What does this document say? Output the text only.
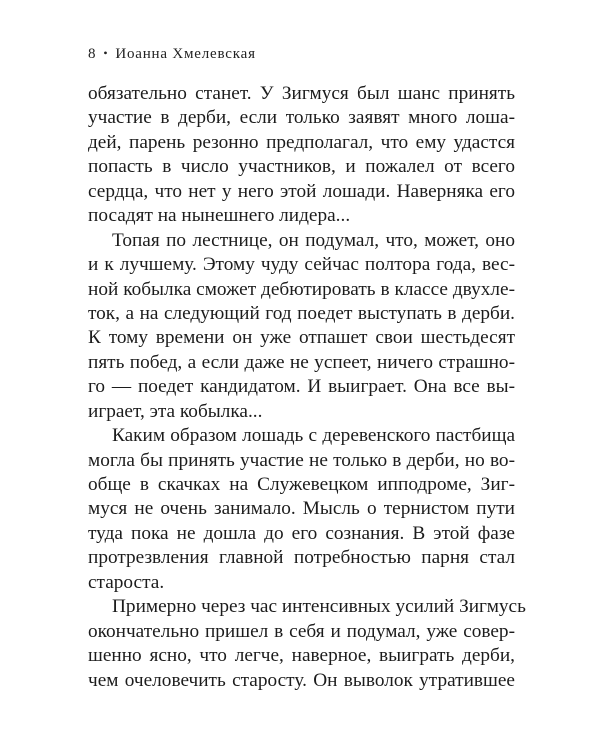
8 • Иоанна Хмелевская
обязательно станет. У Зигмуся был шанс принять
участие в дерби, если только заявят много лоша-
дей, парень резонно предполагал, что ему удастся
попасть в число участников, и пожалел от всего
сердца, что нет у него этой лошади. Наверняка его
посадят на нынешнего лидера...
Топая по лестнице, он подумал, что, может, оно
и к лучшему. Этому чуду сейчас полтора года, вес-
ной кобылка сможет дебютировать в классе двухле-
ток, а на следующий год поедет выступать в дерби.
К тому времени он уже отпашет свои шестьдесят
пять побед, а если даже не успеет, ничего страшно-
го — поедет кандидатом. И выиграет. Она все вы-
играет, эта кобылка...
Каким образом лошадь с деревенского пастбища
могла бы принять участие не только в дерби, но во-
обще в скачках на Служевецком ипподроме, Зиг-
муся не очень занимало. Мысль о тернистом пути
туда пока не дошла до его сознания. В этой фазе
протрезвления главной потребностью парня стал
староста.
Примерно через час интенсивных усилий Зигмусь
окончательно пришел в себя и подумал, уже совер-
шенно ясно, что легче, наверное, выиграть дерби,
чем очеловечить старосту. Он выволок утратившее
